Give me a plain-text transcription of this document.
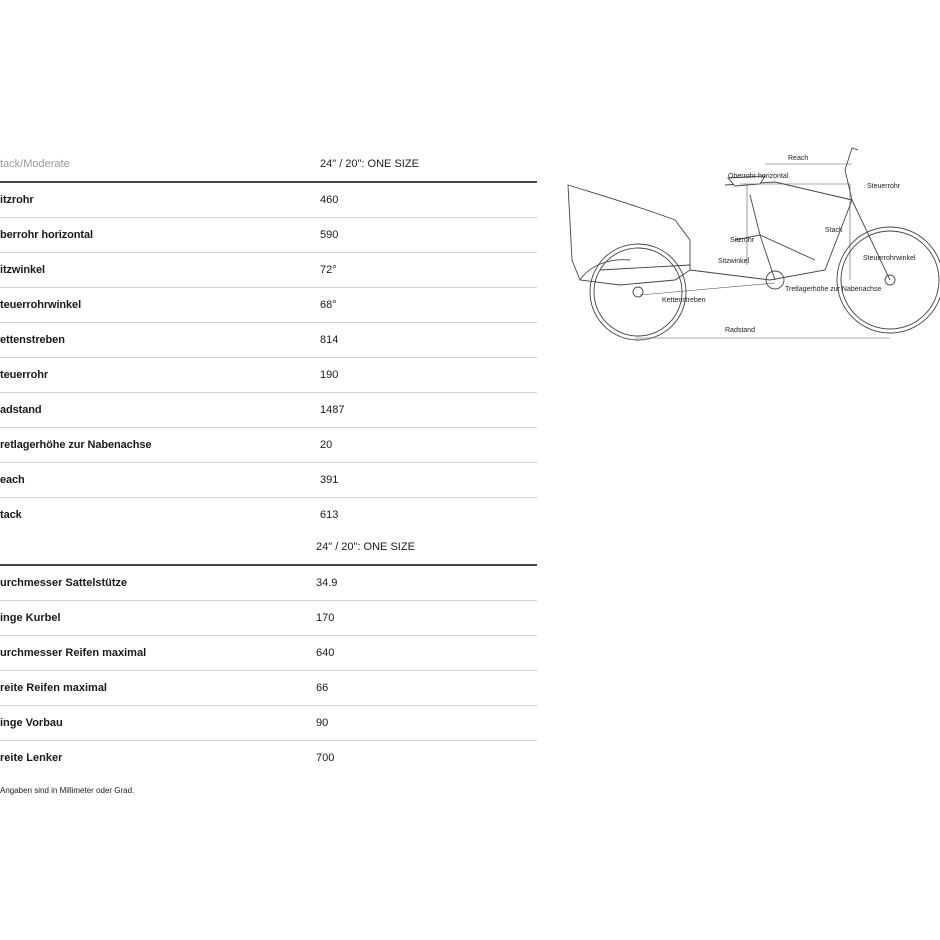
tack/Moderate	24" / 20": ONE SIZE
itzrohr	460
berrohr horizontal	590
itzwinkel	72°
teuerrohrwinkel	68°
ettenstreben	814
teuerrohr	190
adstand	1487
retlagerhöhe zur Nabenachse	20
each	391
tack	613
	24" / 20": ONE SIZE
urchmesser Sattelstütze	34.9
inge Kurbel	170
urchmesser Reifen maximal	640
reite Reifen maximal	66
inge Vorbau	90
reite Lenker	700
Angaben sind in Millimeter oder Grad.
Reach
Oberrohr horizontal
Steuerrohr
Stack
Sitzrohr
Sitzwinkel	Steuerrohrwinkel
Tretlagerhöhe zur Nabenachse
Kettenstreben
Radstand
